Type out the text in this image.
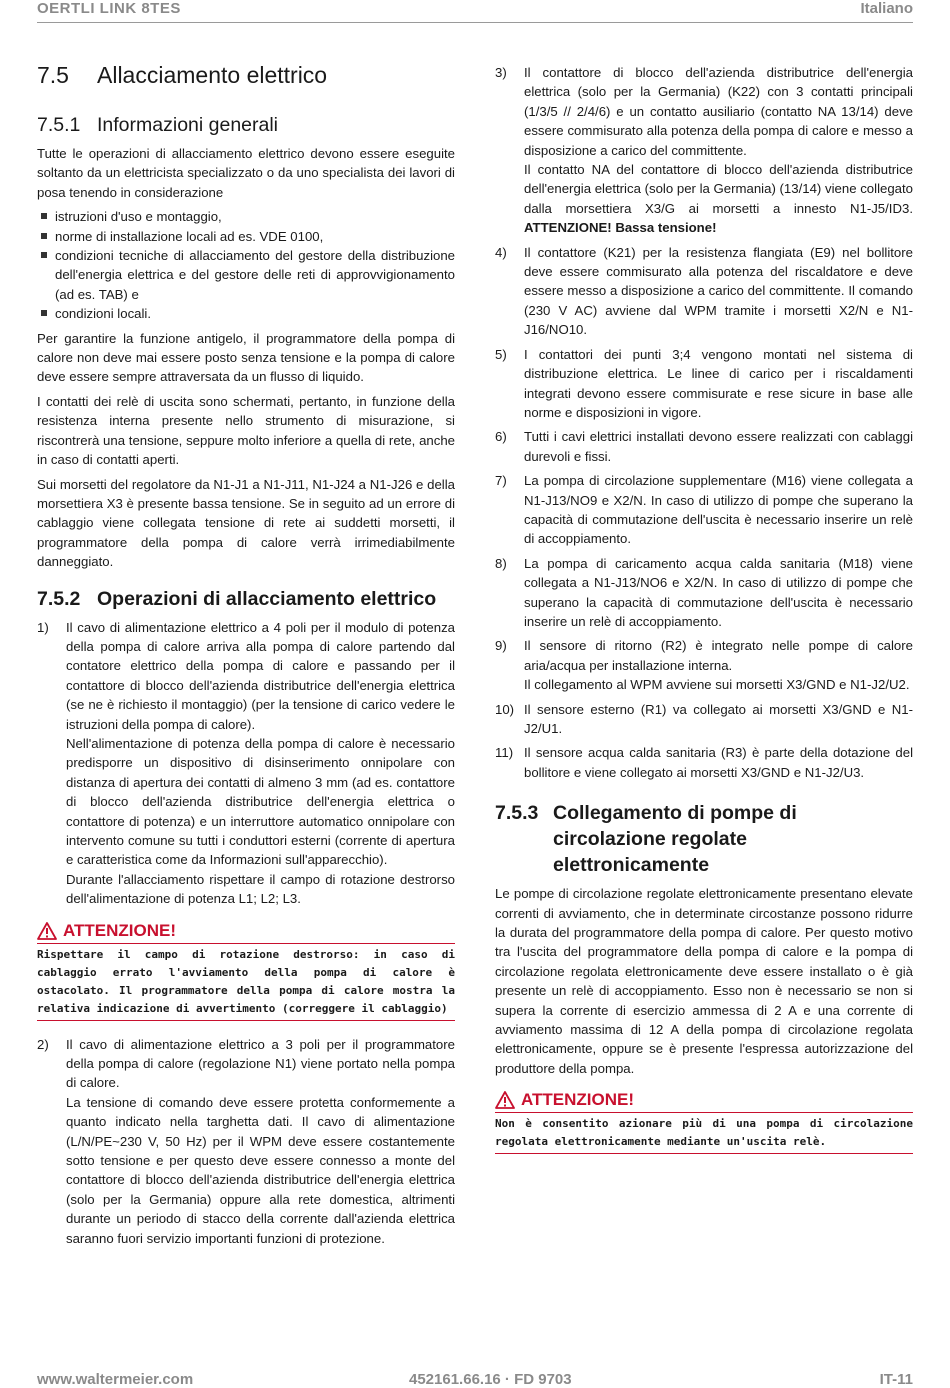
OERTLI LINK 8TES	Italiano
7.5 Allacciamento elettrico
7.5.1 Informazioni generali

Tutte le operazioni di allacciamento elettrico devono essere eseguite soltanto da un elettricista specializzato o da uno specialista dei lavori di posa tenendo in considerazione

istruzioni d'uso e montaggio,
norme di installazione locali ad es. VDE 0100,
condizioni tecniche di allacciamento del gestore della distribuzione dell'energia elettrica e del gestore delle reti di approvvigionamento (ad es. TAB) e
condizioni locali.

Per garantire la funzione antigelo, il programmatore della pompa di calore non deve mai essere posto senza tensione e la pompa di calore deve essere sempre attraversata da un flusso di liquido.

I contatti dei relè di uscita sono schermati, pertanto, in funzione della resistenza interna presente nello strumento di misurazione, si riscontrerà una tensione, seppure molto inferiore a quella di rete, anche in caso di contatti aperti.

Sui morsetti del regolatore da N1-J1 a N1-J11, N1-J24 a N1-J26 e della morsettiera X3 è presente bassa tensione. Se in seguito ad un errore di cablaggio viene collegata tensione di rete ai suddetti morsetti, il programmatore della pompa di calore verrà irrimediabilmente danneggiato.

7.5.2 Operazioni di allacciamento elettrico
1)	Il cavo di alimentazione elettrico a 4 poli per il modulo di potenza della pompa di calore arriva alla pompa di calore partendo dal contatore elettrico della pompa di calore e passando per il contattore di blocco dell'azienda distributrice dell'energia elettrica (se ne è richiesto il montaggio) (per la tensione di carico vedere le istruzioni della pompa di calore).
Nell'alimentazione di potenza della pompa di calore è necessario predisporre un dispositivo di disinserimento onnipolare con distanza di apertura dei contatti di almeno 3 mm (ad es. contattore di blocco dell'azienda distributrice dell'energia elettrica o contattore di potenza) e un interruttore automatico onnipolare con intervento comune su tutti i conduttori esterni (corrente di apertura e caratteristica come da Informazioni sull'apparecchio).
Durante l'allacciamento rispettare il campo di rotazione destrorso dell'alimentazione di potenza L1; L2; L3.
ATTENZIONE!
Rispettare il campo di rotazione destrorso: in caso di cablaggio errato l'avviamento della pompa di calore è ostacolato. Il programmatore della pompa di calore mostra la relativa indicazione di avvertimento (correggere il cablaggio)
2)	Il cavo di alimentazione elettrico a 3 poli per il programmatore della pompa di calore (regolazione N1) viene portato nella pompa di calore.
La tensione di comando deve essere protetta conformemente a quanto indicato nella targhetta dati. Il cavo di alimentazione (L/N/PE~230 V, 50 Hz) per il WPM deve essere costantemente sotto tensione e per questo deve essere connesso a monte del contattore di blocco dell'azienda distributrice dell'energia elettrica (solo per la Germania) oppure alla rete domestica, altrimenti durante un periodo di stacco della corrente dall'azienda elettrica saranno fuori servizio importanti funzioni di protezione.
3)	Il contattore di blocco dell'azienda distributrice dell'energia elettrica (solo per la Germania) (K22) con 3 contatti principali (1/3/5 // 2/4/6) e un contatto ausiliario (contatto NA 13/14) deve essere commisurato alla potenza della pompa di calore e messo a disposizione a carico del committente.
Il contatto NA del contattore di blocco dell'azienda distributrice dell'energia elettrica (solo per la Germania) (13/14) viene collegato dalla morsettiera X3/G ai morsetti a innesto N1-J5/ID3. ATTENZIONE! Bassa tensione!
4)	Il contattore (K21) per la resistenza flangiata (E9) nel bollitore deve essere commisurato alla potenza del riscaldatore e deve essere messo a disposizione a carico del committente. Il comando (230 V AC) avviene dal WPM tramite i morsetti X2/N e N1-J16/NO10.
5)	I contattori dei punti 3;4 vengono montati nel sistema di distribuzione elettrica. Le linee di carico per i riscaldamenti integrati devono essere commisurate e rese sicure in base alle norme e disposizioni in vigore.
6)	Tutti i cavi elettrici installati devono essere realizzati con cablaggi durevoli e fissi.
7)	La pompa di circolazione supplementare (M16) viene collegata a N1-J13/NO9 e X2/N. In caso di utilizzo di pompe che superano la capacità di commutazione dell'uscita è necessario inserire un relè di accoppiamento.
8)	La pompa di caricamento acqua calda sanitaria (M18) viene collegata a N1-J13/NO6 e X2/N. In caso di utilizzo di pompe che superano la capacità di commutazione dell'uscita è necessario inserire un relè di accoppiamento.
9)	Il sensore di ritorno (R2) è integrato nelle pompe di calore aria/acqua per installazione interna.
Il collegamento al WPM avviene sui morsetti X3/GND e N1-J2/U2.
10) Il sensore esterno (R1) va collegato ai morsetti X3/GND e N1-J2/U1.
11) Il sensore acqua calda sanitaria (R3) è parte della dotazione del bollitore e viene collegato ai morsetti X3/GND e N1-J2/U3.
7.5.3 Collegamento di pompe di
circolazione regolate
elettronicamente

Le pompe di circolazione regolate elettronicamente presentano elevate correnti di avviamento, che in determinate circostanze possono ridurre la durata del programmatore della pompa di calore. Per questo motivo tra l'uscita del programmatore della pompa di calore e la pompa di circolazione regolata elettronicamente deve essere installato o è già presente un relè di accoppiamento. Esso non è necessario se non si supera la corrente di esercizio ammessa di 2 A e una corrente di avviamento massima di 12 A della pompa di circolazione regolata elettronicamente, oppure se è presente l'espressa autorizzazione del produttore della pompa.

ATTENZIONE!
Non è consentito azionare più di una pompa di circolazione regolata elettronicamente mediante un'uscita relè.
www.waltermeier.com	452161.66.16 · FD 9703	IT-11
